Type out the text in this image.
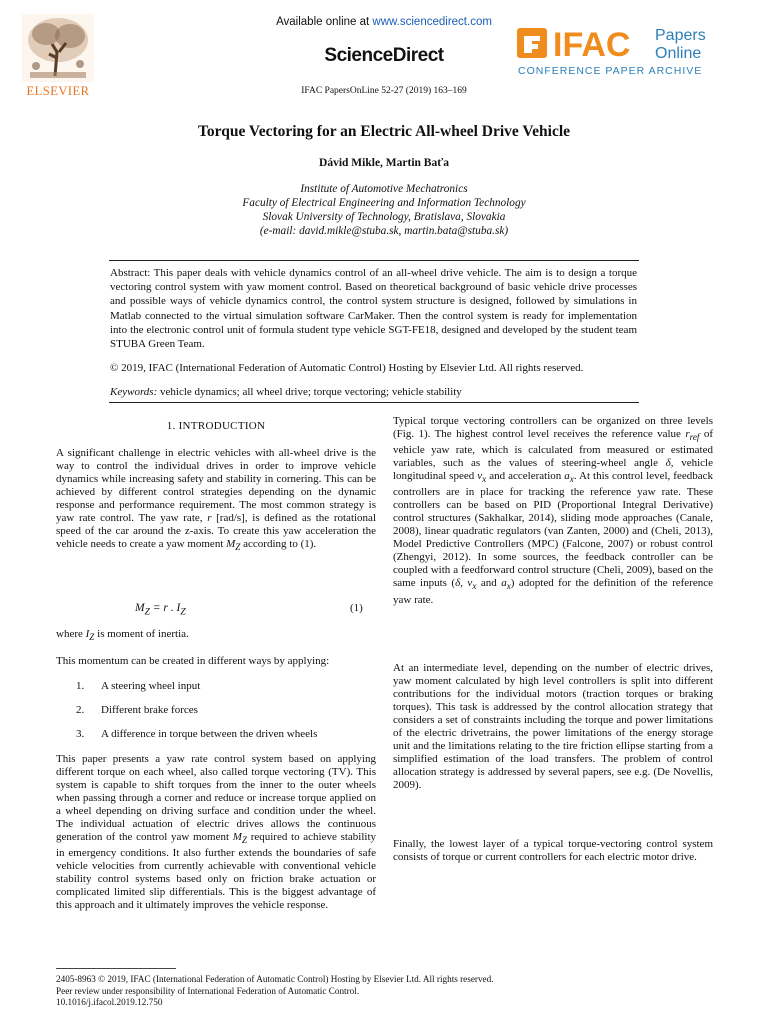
Available online at www.sciencedirect.com
ScienceDirect
IFAC PapersOnLine 52-27 (2019) 163–169
ELSEVIER
IFAC Papers
Online
CONFERENCE PAPER ARCHIVE
Torque Vectoring for an Electric All-wheel Drive Vehicle
Dávid Mikle, Martin Baťa
Institute of Automotive Mechatronics
Faculty of Electrical Engineering and Information Technology
Slovak University of Technology, Bratislava, Slovakia
(e-mail: david.mikle@stuba.sk, martin.bata@stuba.sk)
Abstract: This paper deals with vehicle dynamics control of an all-wheel drive vehicle. The aim is to design a torque vectoring control system with yaw moment control. Based on theoretical background of basic vehicle drive processes and possible ways of vehicle dynamics control, the control system structure is designed, followed by simulations in Matlab connected to the virtual simulation software CarMaker. Then the control system is ready for implementation into the electronic control unit of formula student type vehicle SGT-FE18, designed and developed by the student team STUBA Green Team.
© 2019, IFAC (International Federation of Automatic Control) Hosting by Elsevier Ltd. All rights reserved.
Keywords: vehicle dynamics; all wheel drive; torque vectoring; vehicle stability
1. INTRODUCTION

A significant challenge in electric vehicles with all-wheel drive is the way to control the individual drives in order to improve vehicle dynamics while increasing safety and stability in cornering. This can be achieved by different control strategies depending on the dynamic response and performance requirement. The most common strategy is yaw rate control. The yaw rate, r [rad/s], is defined as the rotational speed of the car around the z-axis. To create this yaw acceleration the vehicle needs to create a yaw moment $M_Z$ according to (1).

$M_Z = r$ . $I_Z$	(1)
where $I_Z$ is moment of inertia.
This momentum can be created in different ways by applying:
1. A steering wheel input
2. Different brake forces
3. A difference in torque between the driven wheels

This paper presents a yaw rate control system based on applying different torque on each wheel, also called torque vectoring (TV). This system is capable to shift torques from the inner to the outer wheels when passing through a corner and reduce or increase torque applied on a wheel depending on driving surface and condition under the wheel. The individual actuation of electric drives allows the continuous generation of the control yaw moment $M_Z$ required to achieve stability in emergency conditions. It also further extends the boundaries of safe vehicle velocities from currently achievable with conventional vehicle stability control systems based only on friction brake actuation or complicated limited slip differentials. This is the biggest advantage of this approach and it ultimately improves the vehicle response.

Typical torque vectoring controllers can be organized on three levels (Fig. 1). The highest control level receives the reference value $r_{ref}$ of vehicle yaw rate, which is calculated from measured or estimated variables, such as the values of steering-wheel angle δ, vehicle longitudinal speed $v_x$ and acceleration $a_x$. At this control level, feedback controllers are in place for tracking the reference yaw rate. These controllers can be based on PID (Proportional Integral Derivative) control structures (Sakhalkar, 2014), sliding mode approaches (Canale, 2008), linear quadratic regulators (van Zanten, 2000) and (Cheli, 2013), Model Predictive Controllers (MPC) (Falcone, 2007) or robust control (Zhengyi, 2012). In some sources, the feedback controller can be coupled with a feedforward control structure (Cheli, 2009), based on the same inputs (δ, $v_x$ and $a_x$) adopted for the definition of the reference yaw rate.

At an intermediate level, depending on the number of electric drives, yaw moment calculated by high level controllers is split into different contributions for the individual motors (traction torques or braking torques). This task is addressed by the control allocation strategy that considers a set of constraints including the torque and power limitations of the electric drivetrains, the power limitations of the energy storage unit and the limitations relating to the tire friction ellipse starting from a simplified estimation of the load transfers. The problem of control allocation strategy is addressed by several papers, see e.g. (De Novellis, 2009).
Finally, the lowest layer of a typical torque-vectoring control system consists of torque or current controllers for each electric motor drive.
2405-8963 © 2019, IFAC (International Federation of Automatic Control) Hosting by Elsevier Ltd. All rights reserved.
Peer review under responsibility of International Federation of Automatic Control.
10.1016/j.ifacol.2019.12.750
